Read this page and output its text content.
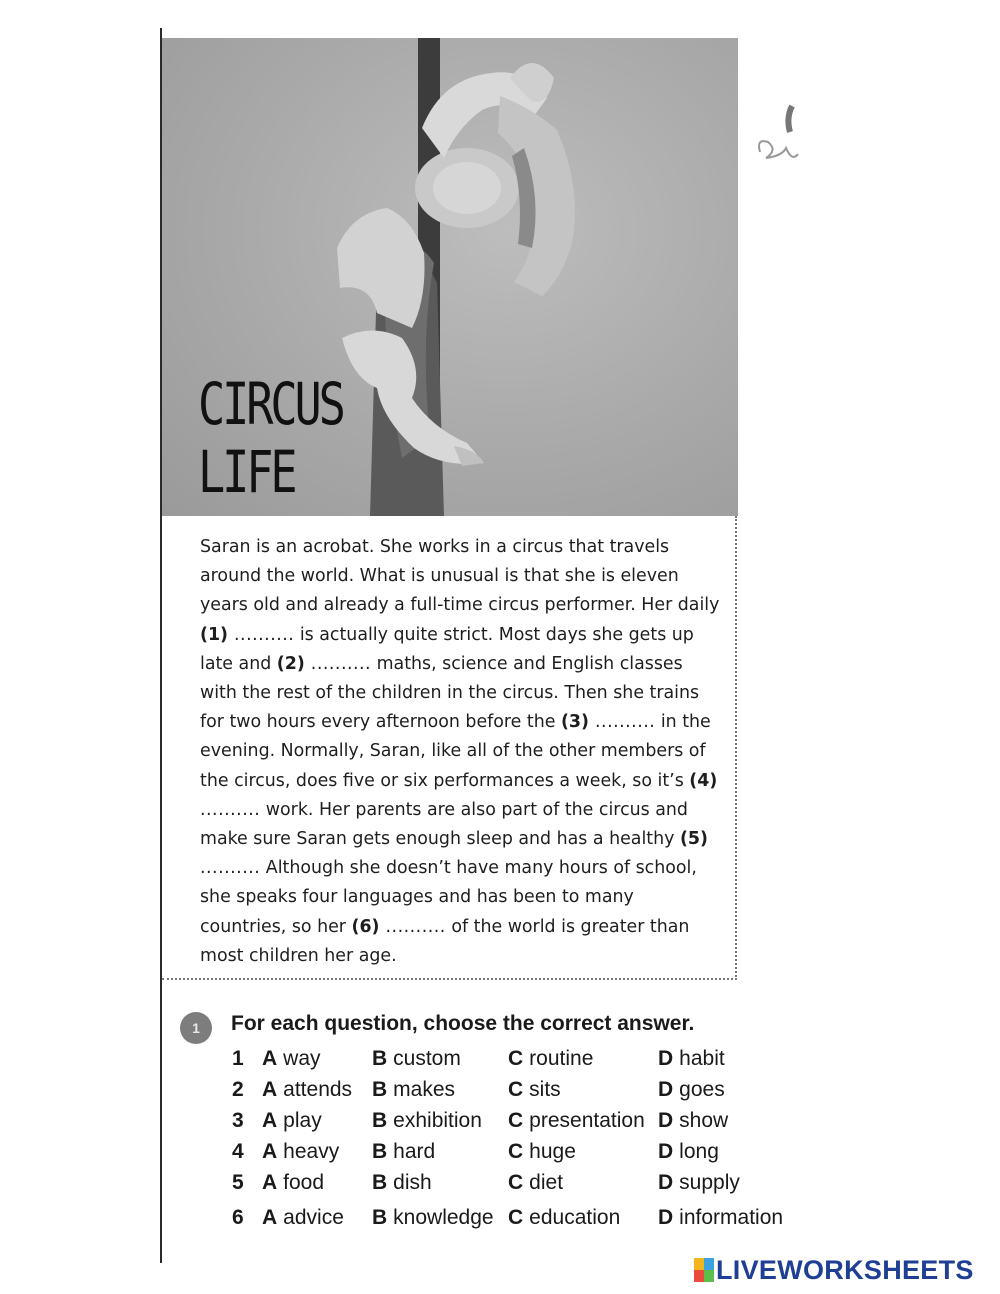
CIRCUS
LIFE

Saran is an acrobat. She works in a circus that travels around the world. What is unusual is that she is eleven years old and already a full-time circus performer. Her daily (1) .......... is actually quite strict. Most days she gets up late and (2) .......... maths, science and English classes with the rest of the children in the circus. Then she trains for two hours every afternoon before the (3) .......... in the evening. Normally, Saran, like all of the other members of the circus, does five or six performances a week, so it’s (4) .......... work. Her parents are also part of the circus and make sure Saran gets enough sleep and has a healthy (5) .......... Although she doesn’t have many hours of school, she speaks four languages and has been to many countries, so her (6) .......... of the world is greater than most children her age.

1	For each question, choose the correct answer.

1 A way B custom C routine	D habit
2 A attends B makes	C sits	D goes
3 A play B exhibition C presentation D show
4 A heavy B hard	C huge	D long
5 A food B dish	C diet	D supply
6 A advice B knowledge C education D information
LIVEWORKSHEETS
